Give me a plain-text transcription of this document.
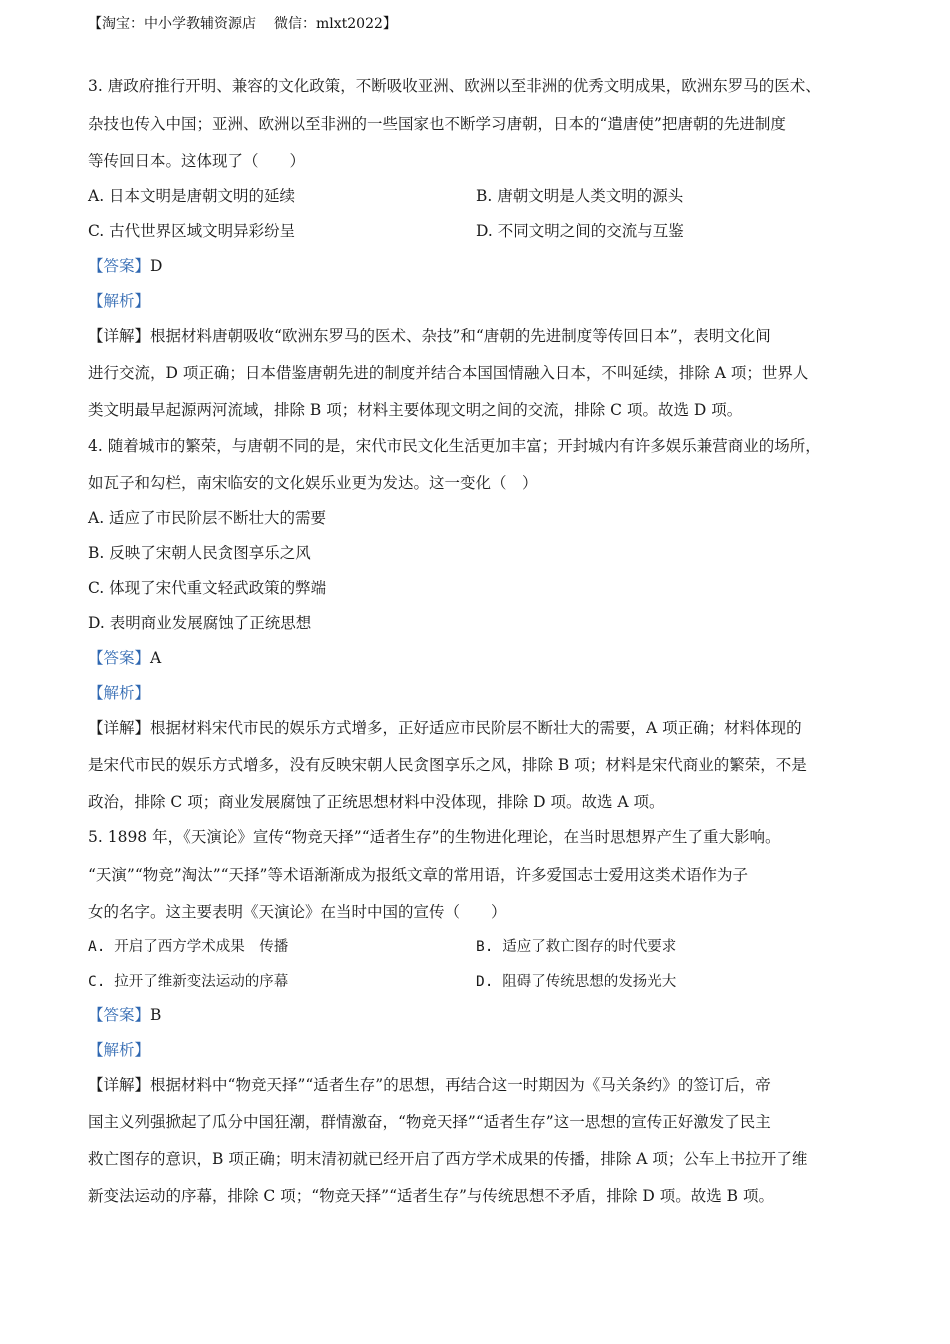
【淘宝：中小学教辅资源店 微信：mlxt2022】
3. 唐政府推行开明、兼容的文化政策，不断吸收亚洲、欧洲以至非洲的优秀文明成果，欧洲东罗马的医术、
杂技也传入中国；亚洲、欧洲以至非洲的一些国家也不断学习唐朝，日本的“遣唐使”把唐朝的先进制度
等传回日本。这体现了（　　）
A. 日本文明是唐朝文明的延续	B. 唐朝文明是人类文明的源头
C. 古代世界区域文明异彩纷呈	D. 不同文明之间的交流与互鉴
【答案】D
【解析】
【详解】根据材料唐朝吸收“欧洲东罗马的医术、杂技”和“唐朝的先进制度等传回日本”，表明文化间
进行交流，D 项正确；日本借鉴唐朝先进的制度并结合本国国情融入日本，不叫延续，排除 A 项；世界人
类文明最早起源两河流域，排除 B 项；材料主要体现文明之间的交流，排除 C 项。故选 D 项。
4. 随着城市的繁荣，与唐朝不同的是，宋代市民文化生活更加丰富；开封城内有许多娱乐兼营商业的场所，
如瓦子和勾栏，南宋临安的文化娱乐业更为发达。这一变化（　）
A. 适应了市民阶层不断壮大的需要
B. 反映了宋朝人民贪图享乐之风
C. 体现了宋代重文轻武政策的弊端
D. 表明商业发展腐蚀了正统思想
【答案】A
【解析】
【详解】根据材料宋代市民的娱乐方式增多，正好适应市民阶层不断壮大的需要，A 项正确；材料体现的
是宋代市民的娱乐方式增多，没有反映宋朝人民贪图享乐之风，排除 B 项；材料是宋代商业的繁荣，不是
政治，排除 C 项；商业发展腐蚀了正统思想材料中没体现，排除 D 项。故选 A 项。
5. 1898 年，《天演论》宣传“物竞天择”“适者生存”的生物进化理论，在当时思想界产生了重大影响。
“天演”“物竞”淘汰”“天择”等术语渐渐成为报纸文章的常用语，许多爱国志士爱用这类术语作为子
女的名字。这主要表明《天演论》在当时中国的宣传（　　）
A. 开启了西方学术成果　传播	B. 适应了救亡图存的时代要求
C. 拉开了维新变法运动的序幕	D. 阻碍了传统思想的发扬光大
【答案】B
【解析】
【详解】根据材料中“物竞天择”“适者生存”的思想，再结合这一时期因为《马关条约》的签订后，帝
国主义列强掀起了瓜分中国狂潮，群情激奋，“物竞天择”“适者生存”这一思想的宣传正好激发了民主
救亡图存的意识，B 项正确；明末清初就已经开启了西方学术成果的传播，排除 A 项；公车上书拉开了维
新变法运动的序幕，排除 C 项；“物竞天择”“适者生存”与传统思想不矛盾，排除 D 项。故选 B 项。
